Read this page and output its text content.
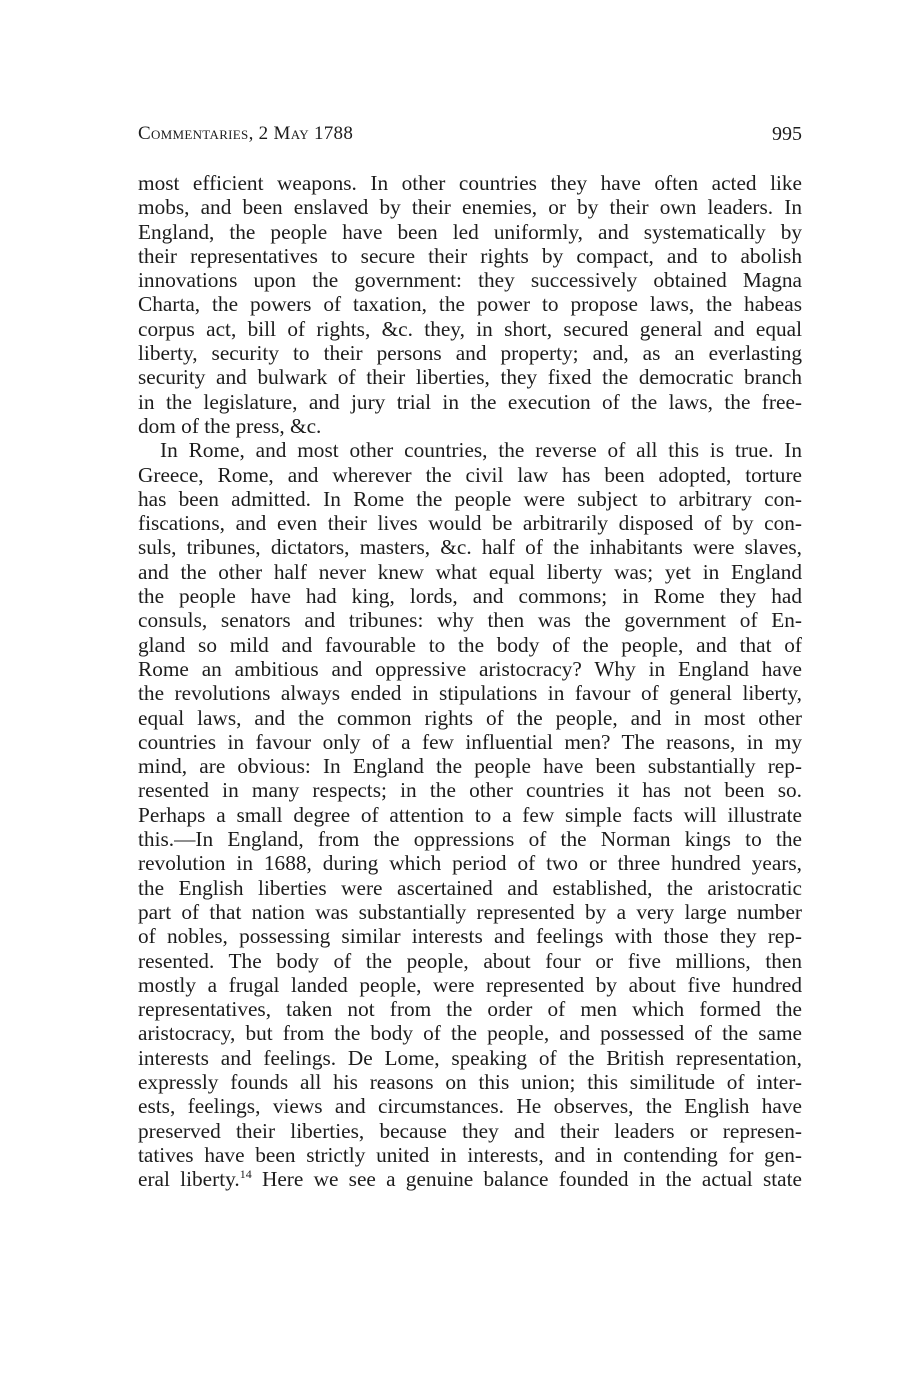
Commentaries, 2 May 1788	995
most efficient weapons. In other countries they have often acted like
mobs, and been enslaved by their enemies, or by their own leaders. In
England, the people have been led uniformly, and systematically by
their representatives to secure their rights by compact, and to abolish
innovations upon the government: they successively obtained Magna
Charta, the powers of taxation, the power to propose laws, the habeas
corpus act, bill of rights, &c. they, in short, secured general and equal
liberty, security to their persons and property; and, as an everlasting
security and bulwark of their liberties, they fixed the democratic branch
in the legislature, and jury trial in the execution of the laws, the free-
dom of the press, &c.
In Rome, and most other countries, the reverse of all this is true. In
Greece, Rome, and wherever the civil law has been adopted, torture
has been admitted. In Rome the people were subject to arbitrary con-
fiscations, and even their lives would be arbitrarily disposed of by con-
suls, tribunes, dictators, masters, &c. half of the inhabitants were slaves,
and the other half never knew what equal liberty was; yet in England
the people have had king, lords, and commons; in Rome they had
consuls, senators and tribunes: why then was the government of En-
gland so mild and favourable to the body of the people, and that of
Rome an ambitious and oppressive aristocracy? Why in England have
the revolutions always ended in stipulations in favour of general liberty,
equal laws, and the common rights of the people, and in most other
countries in favour only of a few influential men? The reasons, in my
mind, are obvious: In England the people have been substantially rep-
resented in many respects; in the other countries it has not been so.
Perhaps a small degree of attention to a few simple facts will illustrate
this.—In England, from the oppressions of the Norman kings to the
revolution in 1688, during which period of two or three hundred years,
the English liberties were ascertained and established, the aristocratic
part of that nation was substantially represented by a very large number
of nobles, possessing similar interests and feelings with those they rep-
resented. The body of the people, about four or five millions, then
mostly a frugal landed people, were represented by about five hundred
representatives, taken not from the order of men which formed the
aristocracy, but from the body of the people, and possessed of the same
interests and feelings. De Lome, speaking of the British representation,
expressly founds all his reasons on this union; this similitude of inter-
ests, feelings, views and circumstances. He observes, the English have
preserved their liberties, because they and their leaders or represen-
tatives have been strictly united in interests, and in contending for gen-
eral liberty.$^{14}$ Here we see a genuine balance founded in the actual state
